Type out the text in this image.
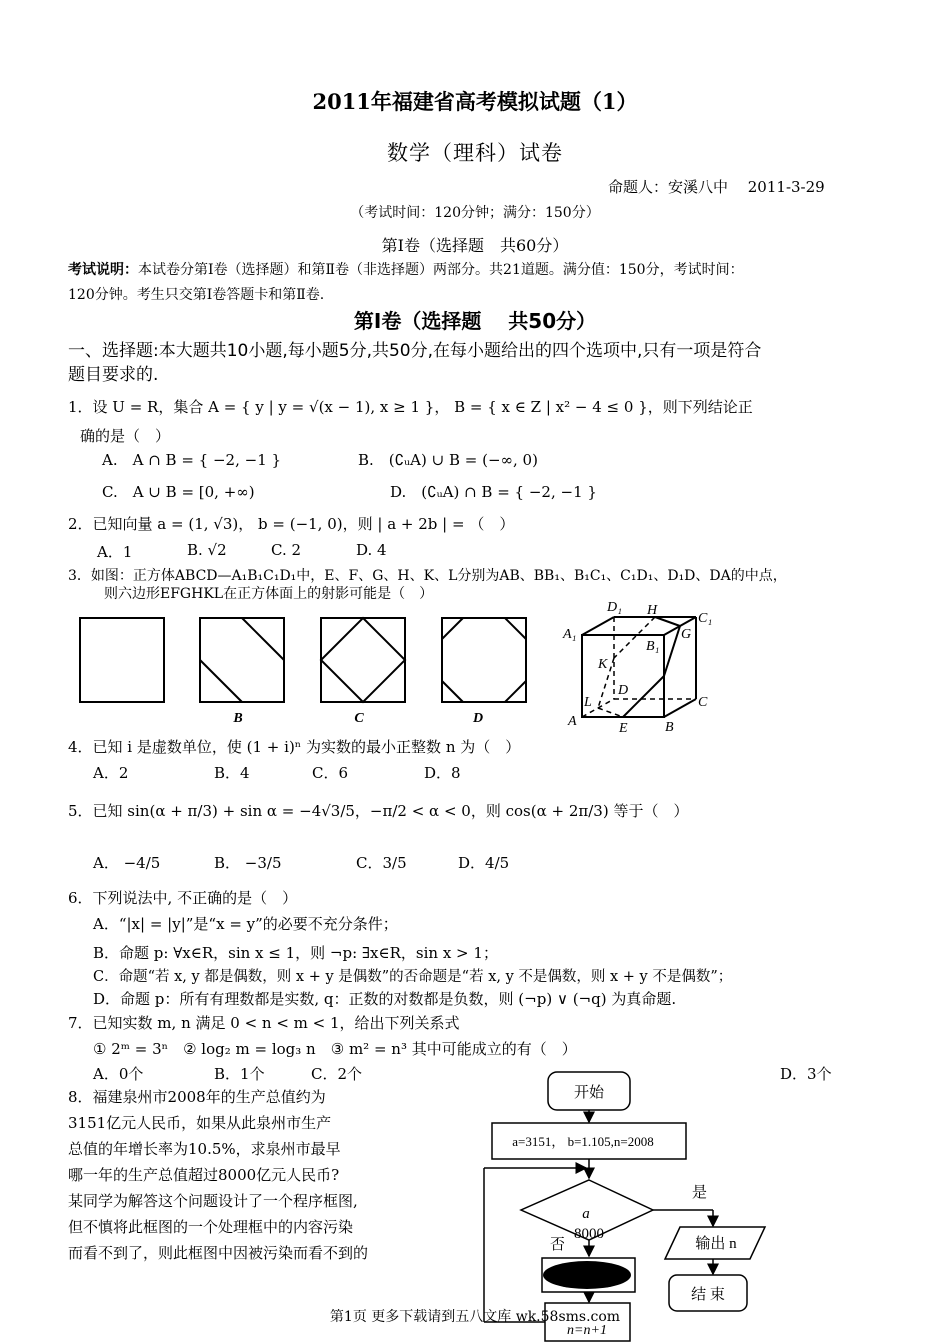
2011年福建省高考模拟试题（1）
数学（理科）试卷
命题人：安溪八中　 2011-3-29
（考试时间：120分钟；满分：150分）
第Ⅰ卷（选择题　共60分）
考试说明：本试卷分第Ⅰ卷（选择题）和第Ⅱ卷（非选择题）两部分。共21道题。满分值：150分，考试时间：
120分钟。考生只交第Ⅰ卷答题卡和第Ⅱ卷.
第Ⅰ卷（选择题　 共50分）
一、选择题:本大题共10小题,每小题5分,共50分,在每小题给出的四个选项中,只有一项是符合
题目要求的.
1．设 U = R，集合 A = { y | y = √(x − 1), x ≥ 1 }， B = { x ∈ Z | x² − 4 ≤ 0 }，则下列结论正
确的是（　）
A.　A ∩ B = { −2, −1 }	B.　(∁ᵤA) ∪ B = (−∞, 0)
C.　A ∪ B = [0, +∞)	D.　(∁ᵤA) ∩ B = { −2, −1 }
2．已知向量 a = (1, √3)， b = (−1, 0)，则 | a + 2b | = （　）
A．1	B. √2	C. 2	D. 4
3．如图：正方体ABCD—A₁B₁C₁D₁中，E、F、G、H、K、L分别为AB、BB₁、B₁C₁、C₁D₁、D₁D、DA的中点，
则六边形EFGHKL在正方体面上的射影可能是（　）
B	C	D
D₁ H
C₁
A₁	G
B₁
K
D
L	C
A	E	B
4．已知 i 是虚数单位，使 (1 + i)ⁿ 为实数的最小正整数 n 为（　）
A．2	B．4	C．6	D．8
5．已知 sin(α + π/3) + sin α = −4√3/5，−π/2 < α < 0，则 cos(α + 2π/3) 等于（　）
A． −4/5	B． −3/5	C．3/5	D．4/5
6．下列说法中, 不正确的是（　）
A．“|x| = |y|”是“x = y”的必要不充分条件；
B．命题 p: ∀x∈R，sin x ≤ 1，则 ¬p: ∃x∈R，sin x > 1；
C．命题“若 x, y 都是偶数，则 x + y 是偶数”的否命题是“若 x, y 不是偶数，则 x + y 不是偶数”；
D．命题 p：所有有理数都是实数, q：正数的对数都是负数，则 (¬p) ∨ (¬q) 为真命题.
7．已知实数 m, n 满足 0 < n < m < 1，给出下列关系式
① 2ᵐ = 3ⁿ　② log₂ m = log₃ n　③ m² = n³ 其中可能成立的有（　）
A．0个	B．1个	C．2个	D．3个
8．福建泉州市2008年的生产总值约为
3151亿元人民币，如果从此泉州市生产
总值的年增长率为10.5%，求泉州市最早
哪一年的生产总值超过8000亿元人民币?
某同学为解答这个问题设计了一个程序框图,
但不慎将此框图的一个处理框中的内容污染
而看不到了，则此框图中因被污染而看不到的
开始
a=3151， b=1.105,n=2008
a
8000
是
否	输出 n
结 束
n=n+1
第1页 更多下载请到五八文库 wk.58sms.com
